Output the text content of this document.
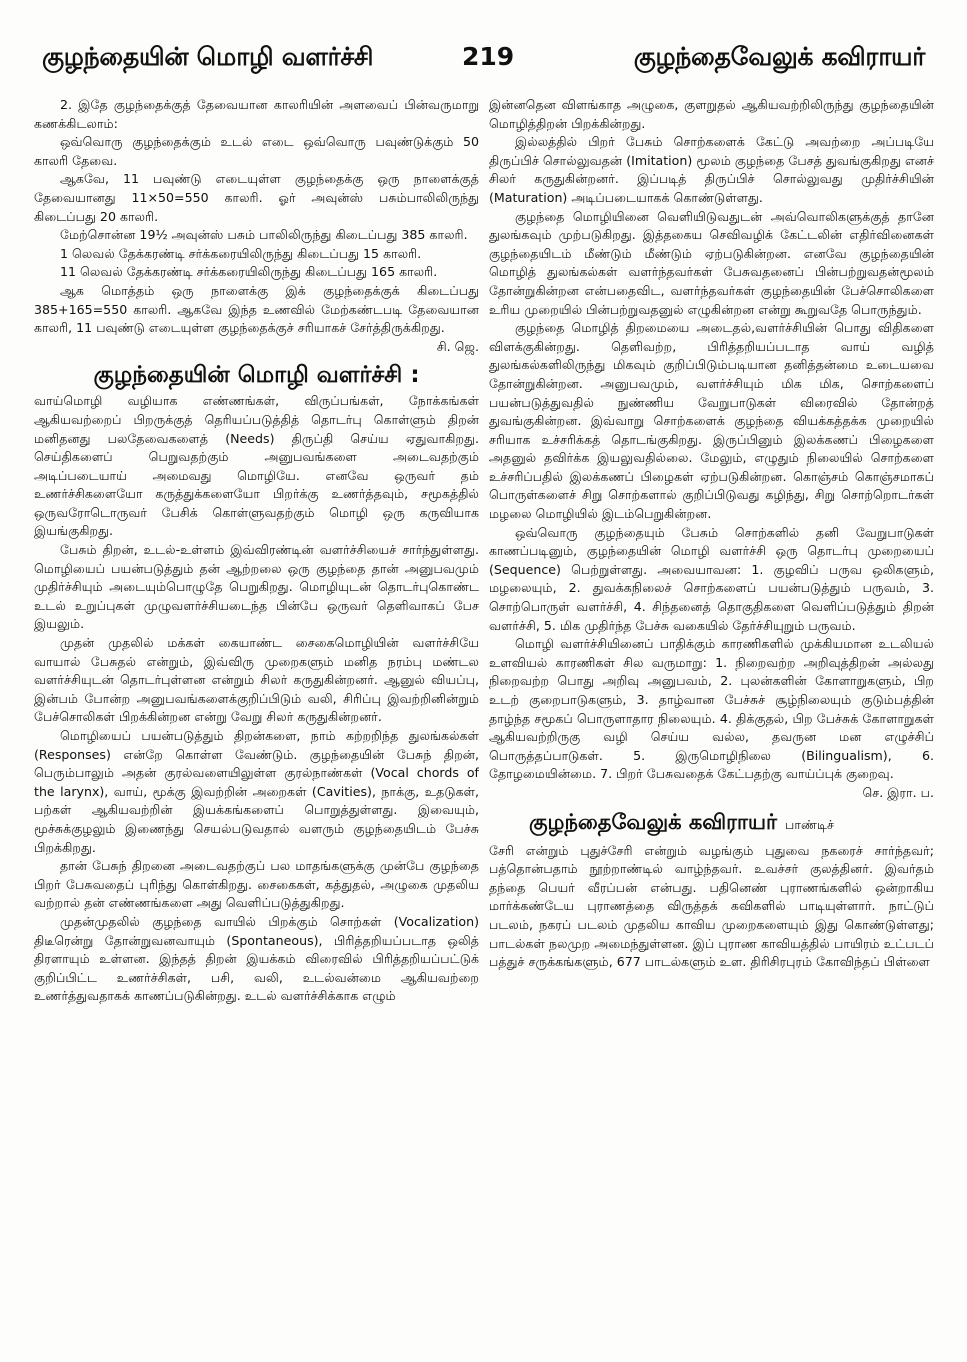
குழந்தையின் மொழி வளர்ச்சி	219	குழந்தைவேலுக் கவிராயர்

2. இதே குழந்தைக்குத் தேவையான காலரியின் அளவைப் பின்வருமாறு கணக்கிடலாம்:

ஒவ்வொரு குழந்தைக்கும் உடல் எடை ஒவ்வொரு பவுண்டுக்கும் 50 காலரி தேவை.

ஆகவே, 11 பவுண்டு எடையுள்ள குழந்தைக்கு ஒரு நாளைக்குத் தேவையானது 11×50=550 காலரி. ஓர் அவுன்ஸ் பசும்பாலிலிருந்து கிடைப்பது 20 காலரி.

மேற்சொன்ன 19½ அவுன்ஸ் பசும் பாலிலிருந்து கிடைப்பது 385 காலரி.

1 லெவல் தேக்கரண்டி சர்க்கரையிலிருந்து கிடைப்பது 15 காலரி.

11 லெவல் தேக்கரண்டி சர்க்கரையிலிருந்து கிடைப்பது 165 காலரி.

ஆக மொத்தம் ஒரு நாளைக்கு இக் குழந்தைக்குக் கிடைப்பது 385+165=550 காலரி. ஆகவே இந்த உணவில் மேற்கண்டபடி தேவையான காலரி, 11 பவுண்டு எடையுள்ள குழந்தைக்குச் சரியாகச் சேர்த்திருக்கிறது.

சி. ஜெ.

குழந்தையின் மொழி வளர்ச்சி :

வாய்மொழி வழியாக எண்ணங்கள், விருப்பங்கள், நோக்கங்கள் ஆகியவற்றைப் பிறருக்குத் தெரியப்படுத்தித் தொடர்பு கொள்ளும் திறன் மனிதனது பலதேவைகளைத் (Needs) திருப்தி செய்ய ஏதுவாகிறது. செய்திகளைப் பெறுவதற்கும் அனுபவங்களை அடைவதற்கும் அடிப்படையாய் அமைவது மொழியே. எனவே ஒருவர் தம் உணர்ச்சிகளையோ கருத்துக்களையோ பிறர்க்கு உணர்த்தவும், சமூகத்தில் ஒருவரோடொருவர் பேசிக் கொள்ளுவதற்கும் மொழி ஒரு கருவியாக இயங்குகிறது.

பேசும் திறன், உடல்-உள்ளம் இவ்விரண்டின் வளர்ச்சியைச் சார்ந்துள்ளது. மொழியைப் பயன்படுத்தும் தன் ஆற்றலை ஒரு குழந்தை தான் அனுபவமும் முதிர்ச்சியும் அடையும்பொழுதே பெறுகிறது. மொழியுடன் தொடர்புகொண்ட உடல் உறுப்புகள் முழுவளர்ச்சியடைந்த பின்பே ஒருவர் தெளிவாகப் பேச இயலும்.

முதன் முதலில் மக்கள் கையாண்ட சைகைமொழியின் வளர்ச்சியே வாயால் பேசுதல் என்றும், இவ்விரு முறைகளும் மனித நரம்பு மண்டல வளர்ச்சியுடன் தொடர்புள்ளன என்றும் சிலர் கருதுகின்றனர். ஆனுல் வியப்பு, இன்பம் போன்ற அனுபவங்களைக்குறிப்பிடும் வலி, சிரிப்பு இவற்றினின்றும் பேச்சொலிகள் பிறக்கின்றன என்று வேறு சிலர் கருதுகின்றனர்.

மொழியைப் பயன்படுத்தும் திறன்களை, நாம் கற்றறிந்த துலங்கல்கள் (Responses) என்றே கொள்ள வேண்டும். குழந்தையின் பேசுந் திறன், பெரும்பாலும் அதன் குரல்வளையிலுள்ள குரல்நாண்கள் (Vocal chords of the larynx), வாய், மூக்கு இவற்றின் அறைகள் (Cavities), நாக்கு, உதடுகள், பற்கள் ஆகியவற்றின் இயக்கங்களைப் பொறுத்துள்ளது. இவையும், மூச்சுக்குழலும் இணைந்து செயல்படுவதால் வளரும் குழந்தையிடம் பேச்சு பிறக்கிறது.

தான் பேசுந் திறனை அடைவதற்குப் பல மாதங்களுக்கு முன்பே குழந்தை பிறர் பேசுவதைப் புரிந்து கொள்கிறது. சைகைகள், கத்துதல், அழுகை முதலிய வற்றால் தன் எண்ணங்களை அது வெளிப்படுத்துகிறது.

முதன்முதலில் குழந்தை வாயில் பிறக்கும் சொற்கள் (Vocalization) திடீரென்று தோன்றுவனவாயும் (Spontaneous), பிரித்தறியப்படாத ஒலித் திரளாயும் உள்ளன. இந்தத் திறன் இயக்கம் விரைவில் பிரித்தறியப்பட்டுக் குறிப்பிட்ட உணர்ச்சிகள், பசி, வலி, உடல்வன்மை ஆகியவற்றை உணர்த்துவதாகக் காணப்படுகின்றது. உடல் வளர்ச்சிக்காக எழும்

இன்னதென விளங்காத அழுகை, குளறுதல் ஆகியவற்றிலிருந்து குழந்தையின் மொழித்திறன் பிறக்கின்றது.

இல்லத்தில் பிறர் பேசும் சொற்களைக் கேட்டு அவற்றை அப்படியே திருப்பிச் சொல்லுவதன் (Imitation) மூலம் குழந்தை பேசத் துவங்குகிறது எனச் சிலர் கருதுகின்றனர். இப்படித் திருப்பிச் சொல்லுவது முதிர்ச்சியின் (Maturation) அடிப்படையாகக் கொண்டுள்ளது.

குழந்தை மொழியினை வெளியிடுவதுடன் அவ்வொலிகளுக்குத் தானே துலங்கவும் முற்படுகிறது. இத்தகைய செவிவழிக் கேட்டலின் எதிர்வினைகள் குழந்தையிடம் மீண்டும் மீண்டும் ஏற்படுகின்றன. எனவே குழந்தையின் மொழித் துலங்கல்கள் வளர்ந்தவர்கள் பேசுவதனைப் பின்பற்றுவதன்மூலம் தோன்றுகின்றன என்பதைவிட, வளர்ந்தவர்கள் குழந்தையின் பேச்சொலிகளை உரிய முறையில் பின்பற்றுவதனுல் எழுகின்றன என்று கூறுவதே பொருந்தும்.

குழந்தை மொழித் திறமையை அடைதல்,வளர்ச்சியின் பொது விதிகளை விளக்குகின்றது. தெளிவற்ற, பிரித்தறியப்படாத வாய் வழித் துலங்கல்களிலிருந்து மிகவும் குறிப்பிடும்படியான தனித்தன்மை உடையவை தோன்றுகின்றன. அனுபவமும், வளர்ச்சியும் மிக மிக, சொற்களைப் பயன்படுத்துவதில் நுண்ணிய வேறுபாடுகள் விரைவில் தோன்றத் துவங்குகின்றன. இவ்வாறு சொற்களைக் குழந்தை வியக்கத்தக்க முறையில் சரியாக உச்சரிக்கத் தொடங்குகிறது. இருப்பினும் இலக்கணப் பிழைகளை அதனுல் தவிர்க்க இயலுவதில்லை. மேலும், எழுதும் நிலையில் சொற்களை உச்சரிப்பதில் இலக்கணப் பிழைகள் ஏற்படுகின்றன. கொஞ்சம் கொஞ்சமாகப் பொருள்களைச் சிறு சொற்களால் குறிப்பிடுவது கழிந்து, சிறு சொற்றொடர்கள் மழலை மொழியில் இடம்பெறுகின்றன.

ஒவ்வொரு குழந்தையும் பேசும் சொற்களில் தனி வேறுபாடுகள் காணப்படினும், குழந்தையின் மொழி வளர்ச்சி ஒரு தொடர்பு முறையைப் (Sequence) பெற்றுள்ளது. அவையாவன: 1. குழவிப் பருவ ஒலிகளும், மழலையும், 2. துவக்கநிலைச் சொற்களைப் பயன்படுத்தும் பருவம், 3. சொற்பொருள் வளர்ச்சி, 4. சிந்தனைத் தொகுதிகளை வெளிப்படுத்தும் திறன் வளர்ச்சி, 5. மிக முதிர்ந்த பேச்சு வகையில் தேர்ச்சியுறும் பருவம்.

மொழி வளர்ச்சியினைப் பாதிக்கும் காரணிகளில் முக்கியமான உடலியல் உளவியல் காரணிகள் சில வருமாறு: 1. நிறைவற்ற அறிவுத்திறன் அல்லது நிறைவற்ற பொது அறிவு அனுபவம், 2. புலன்களின் கோளாறுகளும், பிற உடற் குறைபாடுகளும், 3. தாழ்வான பேச்சுச் சூழ்நிலையும் குடும்பத்தின் தாழ்ந்த சமூகப் பொருளாதார நிலையும். 4. திக்குதல், பிற பேச்சுக் கோளாறுகள் ஆகியவற்றிருகு வழி செய்ய வல்ல, தவருன மன எழுச்சிப் பொருத்தப்பாடுகள். 5. இருமொழிநிலை (Bilingualism), 6. தோழமையின்மை. 7. பிறர் பேசுவதைக் கேட்பதற்கு வாய்ப்புக் குறைவு.

செ. இரா. ப.

குழந்தைவேலுக் கவிராயர் பாண்டிச்

சேரி என்றும் புதுச்சேரி என்றும் வழங்கும் புதுவை நகரைச் சார்ந்தவர்; பத்தொன்பதாம் நூற்றாண்டில் வாழ்ந்தவர். உவச்சர் குலத்தினர். இவர்தம் தந்தை பெயர் வீரப்பன் என்பது. பதினெண் புராணங்களில் ஒன்றாகிய மார்க்கண்டேய புராணத்தை விருத்தக் கவிகளில் பாடியுள்ளார். நாட்டுப் படலம், நகரப் படலம் முதலிய காவிய முறைகளையும் இது கொண்டுள்ளது; பாடல்கள் நலமுற அமைந்துள்ளன. இப் புராண காவியத்தில் பாயிரம் உட்படப் பத்துச் சருக்கங்களும், 677 பாடல்களும் உள. திரிசிரபுரம் கோவிந்தப் பிள்ளை
